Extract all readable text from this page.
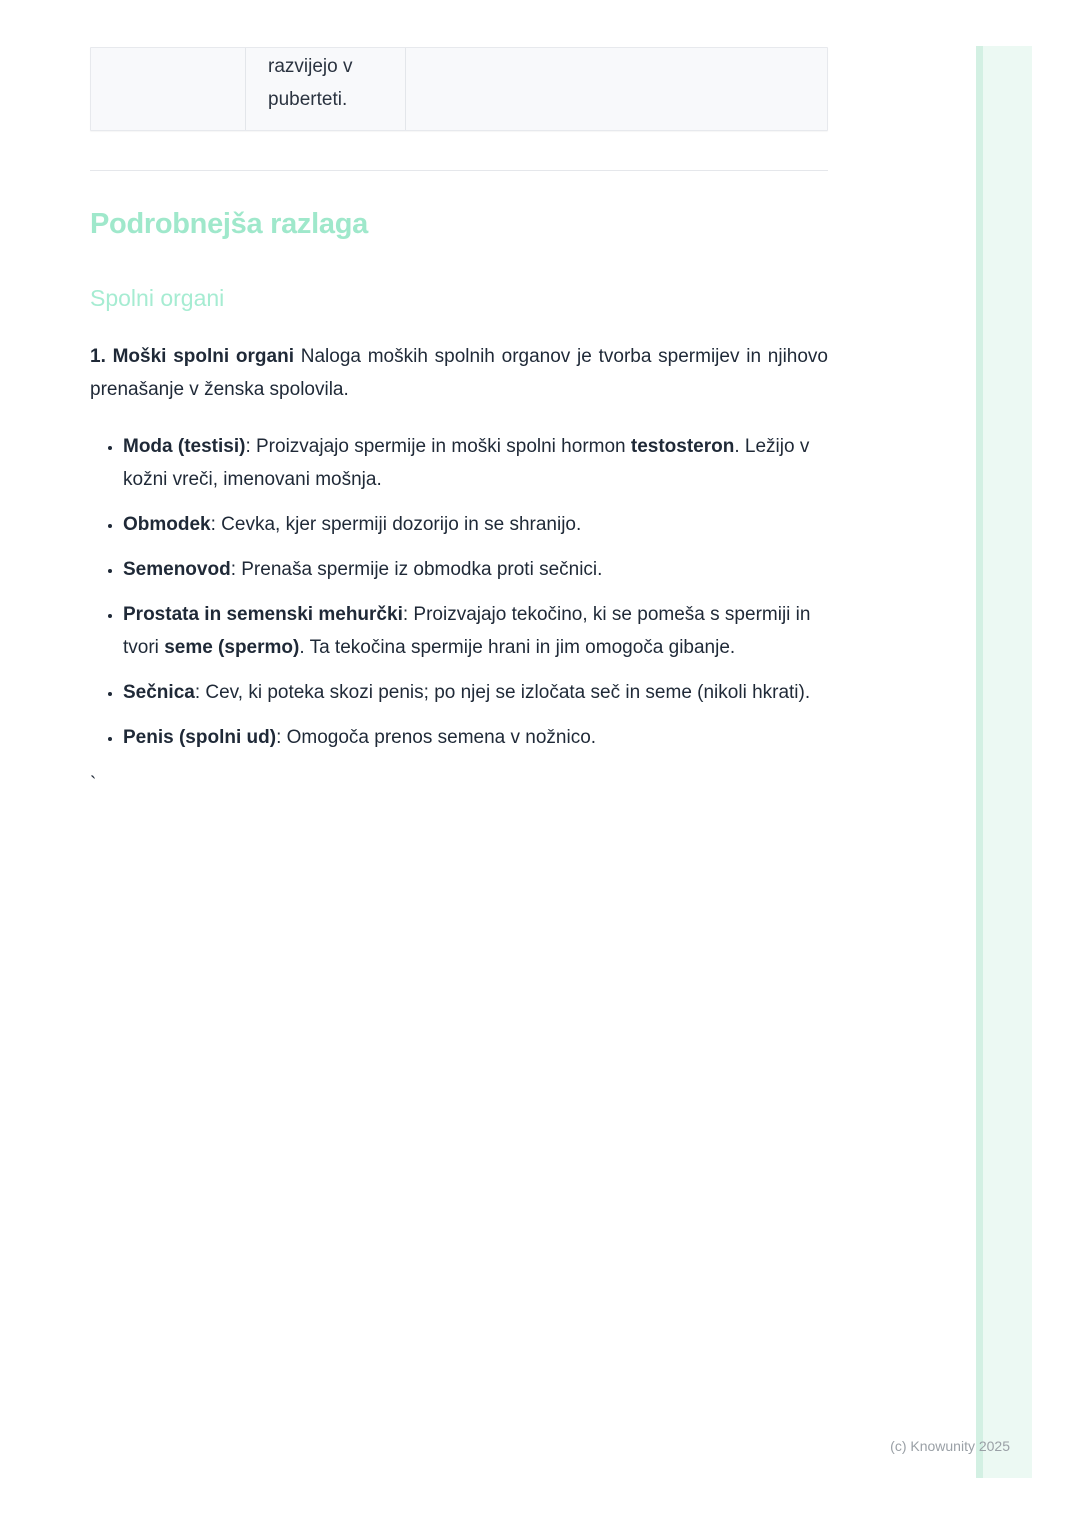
razvijejo v puberteti.
Podrobnejša razlaga
Spolni organi

1. Moški spolni organi Naloga moških spolnih organov je tvorba spermijev in njihovo prenašanje v ženska spolovila.

• Moda (testisi): Proizvajajo spermije in moški spolni hormon testosteron. Ležijo v kožni vreči, imenovani mošnja.
• Obmodek: Cevka, kjer spermiji dozorijo in se shranijo.
• Semenovod: Prenaša spermije iz obmodka proti sečnici.
• Prostata in semenski mehurčki: Proizvajajo tekočino, ki se pomeša s spermiji in tvori seme (spermo). Ta tekočina spermije hrani in jim omogoča gibanje.
• Sečnica: Cev, ki poteka skozi penis; po njej se izločata seč in seme (nikoli hkrati).
• Penis (spolni ud): Omogoča prenos semena v nožnico.

`

(c) Knowunity 2025
